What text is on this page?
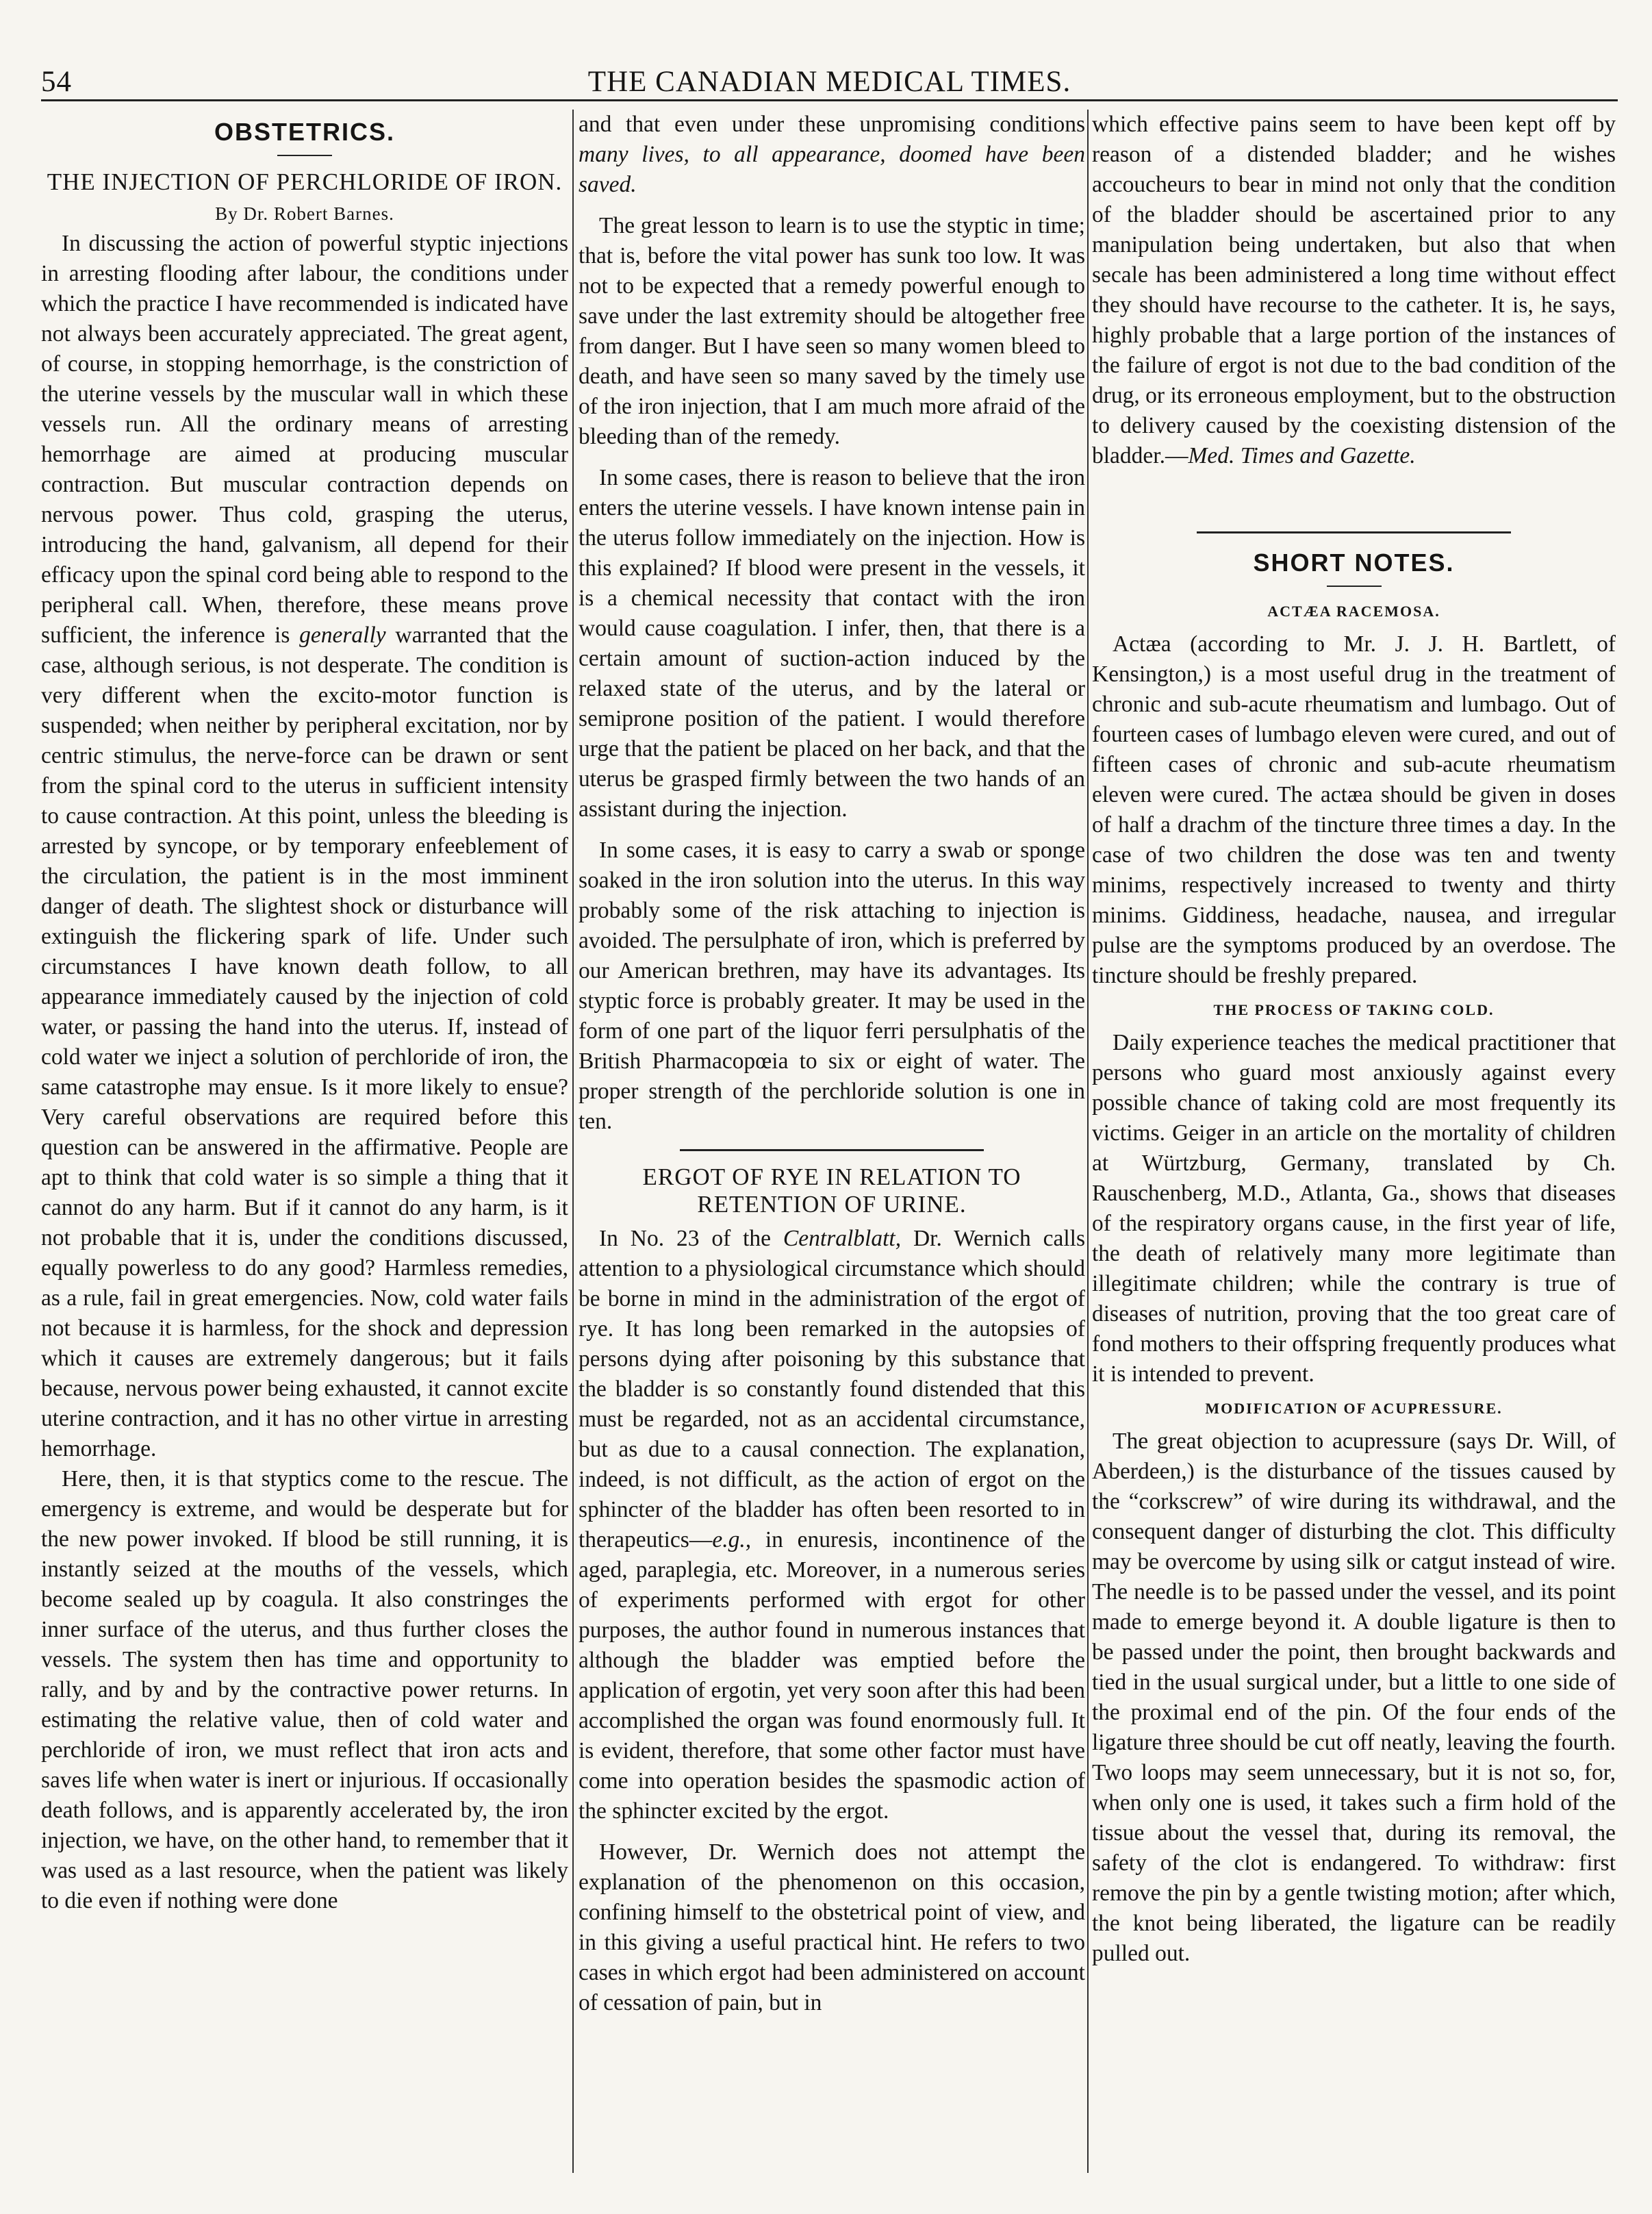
54	THE CANADIAN MEDICAL TIMES.
OBSTETRICS.
THE INJECTION OF PERCHLORIDE OF IRON.
By Dr. Robert Barnes.

In discussing the action of powerful styptic injections in arresting flooding after labour, the conditions under which the practice I have recommended is indicated have not always been accurately appreciated. The great agent, of course, in stopping hemorrhage, is the constriction of the uterine vessels by the muscular wall in which these vessels run. All the ordinary means of arresting hemorrhage are aimed at producing muscular contraction. But muscular contraction depends on nervous power. Thus cold, grasping the uterus, introducing the hand, galvanism, all depend for their efficacy upon the spinal cord being able to respond to the peripheral call. When, therefore, these means prove sufficient, the inference is generally warranted that the case, although serious, is not desperate. The condition is very different when the excito-motor function is suspended; when neither by peripheral excitation, nor by centric stimulus, the nerve-force can be drawn or sent from the spinal cord to the uterus in sufficient intensity to cause contraction. At this point, unless the bleeding is arrested by syncope, or by temporary enfeeblement of the circulation, the patient is in the most imminent danger of death. The slightest shock or disturbance will extinguish the flickering spark of life. Under such circumstances I have known death follow, to all appearance immediately caused by the injection of cold water, or passing the hand into the uterus. If, instead of cold water we inject a solution of perchloride of iron, the same catastrophe may ensue. Is it more likely to ensue? Very careful observations are required before this question can be answered in the affirmative. People are apt to think that cold water is so simple a thing that it cannot do any harm. But if it cannot do any harm, is it not probable that it is, under the conditions discussed, equally powerless to do any good? Harmless remedies, as a rule, fail in great emergencies. Now, cold water fails not because it is harmless, for the shock and depression which it causes are extremely dangerous; but it fails because, nervous power being exhausted, it cannot excite uterine contraction, and it has no other virtue in arresting hemorrhage.

Here, then, it is that styptics come to the rescue. The emergency is extreme, and would be desperate but for the new power invoked. If blood be still running, it is instantly seized at the mouths of the vessels, which become sealed up by coagula. It also constringes the inner surface of the uterus, and thus further closes the vessels. The system then has time and opportunity to rally, and by and by the contractive power returns. In estimating the relative value, then of cold water and perchloride of iron, we must reflect that iron acts and saves life when water is inert or injurious. If occasionally death follows, and is apparently accelerated by, the iron injection, we have, on the other hand, to remember that it was used as a last resource, when the patient was likely to die even if nothing were done

and that even under these unpromising conditions many lives, to all appearance, doomed have been saved.

The great lesson to learn is to use the styptic in time; that is, before the vital power has sunk too low. It was not to be expected that a remedy powerful enough to save under the last extremity should be altogether free from danger. But I have seen so many women bleed to death, and have seen so many saved by the timely use of the iron injection, that I am much more afraid of the bleeding than of the remedy.

In some cases, there is reason to believe that the iron enters the uterine vessels. I have known intense pain in the uterus follow immediately on the injection. How is this explained? If blood were present in the vessels, it is a chemical necessity that contact with the iron would cause coagulation. I infer, then, that there is a certain amount of suction-action induced by the relaxed state of the uterus, and by the lateral or semiprone position of the patient. I would therefore urge that the patient be placed on her back, and that the uterus be grasped firmly between the two hands of an assistant during the injection.

In some cases, it is easy to carry a swab or sponge soaked in the iron solution into the uterus. In this way probably some of the risk attaching to injection is avoided. The persulphate of iron, which is preferred by our American brethren, may have its advantages. Its styptic force is probably greater. It may be used in the form of one part of the liquor ferri persulphatis of the British Pharmacopœia to six or eight of water. The proper strength of the perchloride solution is one in ten.

ERGOT OF RYE IN RELATION TO RETENTION OF URINE.

In No. 23 of the Centralblatt, Dr. Wernich calls attention to a physiological circumstance which should be borne in mind in the administration of the ergot of rye. It has long been remarked in the autopsies of persons dying after poisoning by this substance that the bladder is so constantly found distended that this must be regarded, not as an accidental circumstance, but as due to a causal connection. The explanation, indeed, is not difficult, as the action of ergot on the sphincter of the bladder has often been resorted to in therapeutics—e.g., in enuresis, incontinence of the aged, paraplegia, etc. Moreover, in a numerous series of experiments performed with ergot for other purposes, the author found in numerous instances that although the bladder was emptied before the application of ergotin, yet very soon after this had been accomplished the organ was found enormously full. It is evident, therefore, that some other factor must have come into operation besides the spasmodic action of the sphincter excited by the ergot.

However, Dr. Wernich does not attempt the explanation of the phenomenon on this occasion, confining himself to the obstetrical point of view, and in this giving a useful practical hint. He refers to two cases in which ergot had been administered on account of cessation of pain, but in

which effective pains seem to have been kept off by reason of a distended bladder; and he wishes accoucheurs to bear in mind not only that the condition of the bladder should be ascertained prior to any manipulation being undertaken, but also that when secale has been administered a long time without effect they should have recourse to the catheter. It is, he says, highly probable that a large portion of the instances of the failure of ergot is not due to the bad condition of the drug, or its erroneous employment, but to the obstruction to delivery caused by the coexisting distension of the bladder.—Med. Times and Gazette.

SHORT NOTES.
ACTÆA RACEMOSA.

Actæa (according to Mr. J. J. H. Bartlett, of Kensington,) is a most useful drug in the treatment of chronic and sub-acute rheumatism and lumbago. Out of fourteen cases of lumbago eleven were cured, and out of fifteen cases of chronic and sub-acute rheumatism eleven were cured. The actæa should be given in doses of half a drachm of the tincture three times a day. In the case of two children the dose was ten and twenty minims, respectively increased to twenty and thirty minims. Giddiness, headache, nausea, and irregular pulse are the symptoms produced by an overdose. The tincture should be freshly prepared.

THE PROCESS OF TAKING COLD.

Daily experience teaches the medical practitioner that persons who guard most anxiously against every possible chance of taking cold are most frequently its victims. Geiger in an article on the mortality of children at Würtzburg, Germany, translated by Ch. Rauschenberg, M.D., Atlanta, Ga., shows that diseases of the respiratory organs cause, in the first year of life, the death of relatively many more legitimate than illegitimate children; while the contrary is true of diseases of nutrition, proving that the too great care of fond mothers to their offspring frequently produces what it is intended to prevent.

MODIFICATION OF ACUPRESSURE.

The great objection to acupressure (says Dr. Will, of Aberdeen,) is the disturbance of the tissues caused by the “corkscrew” of wire during its withdrawal, and the consequent danger of disturbing the clot. This difficulty may be overcome by using silk or catgut instead of wire. The needle is to be passed under the vessel, and its point made to emerge beyond it. A double ligature is then to be passed under the point, then brought backwards and tied in the usual surgical under, but a little to one side of the proximal end of the pin. Of the four ends of the ligature three should be cut off neatly, leaving the fourth. Two loops may seem unnecessary, but it is not so, for, when only one is used, it takes such a firm hold of the tissue about the vessel that, during its removal, the safety of the clot is endangered. To withdraw: first remove the pin by a gentle twisting motion; after which, the knot being liberated, the ligature can be readily pulled out.
